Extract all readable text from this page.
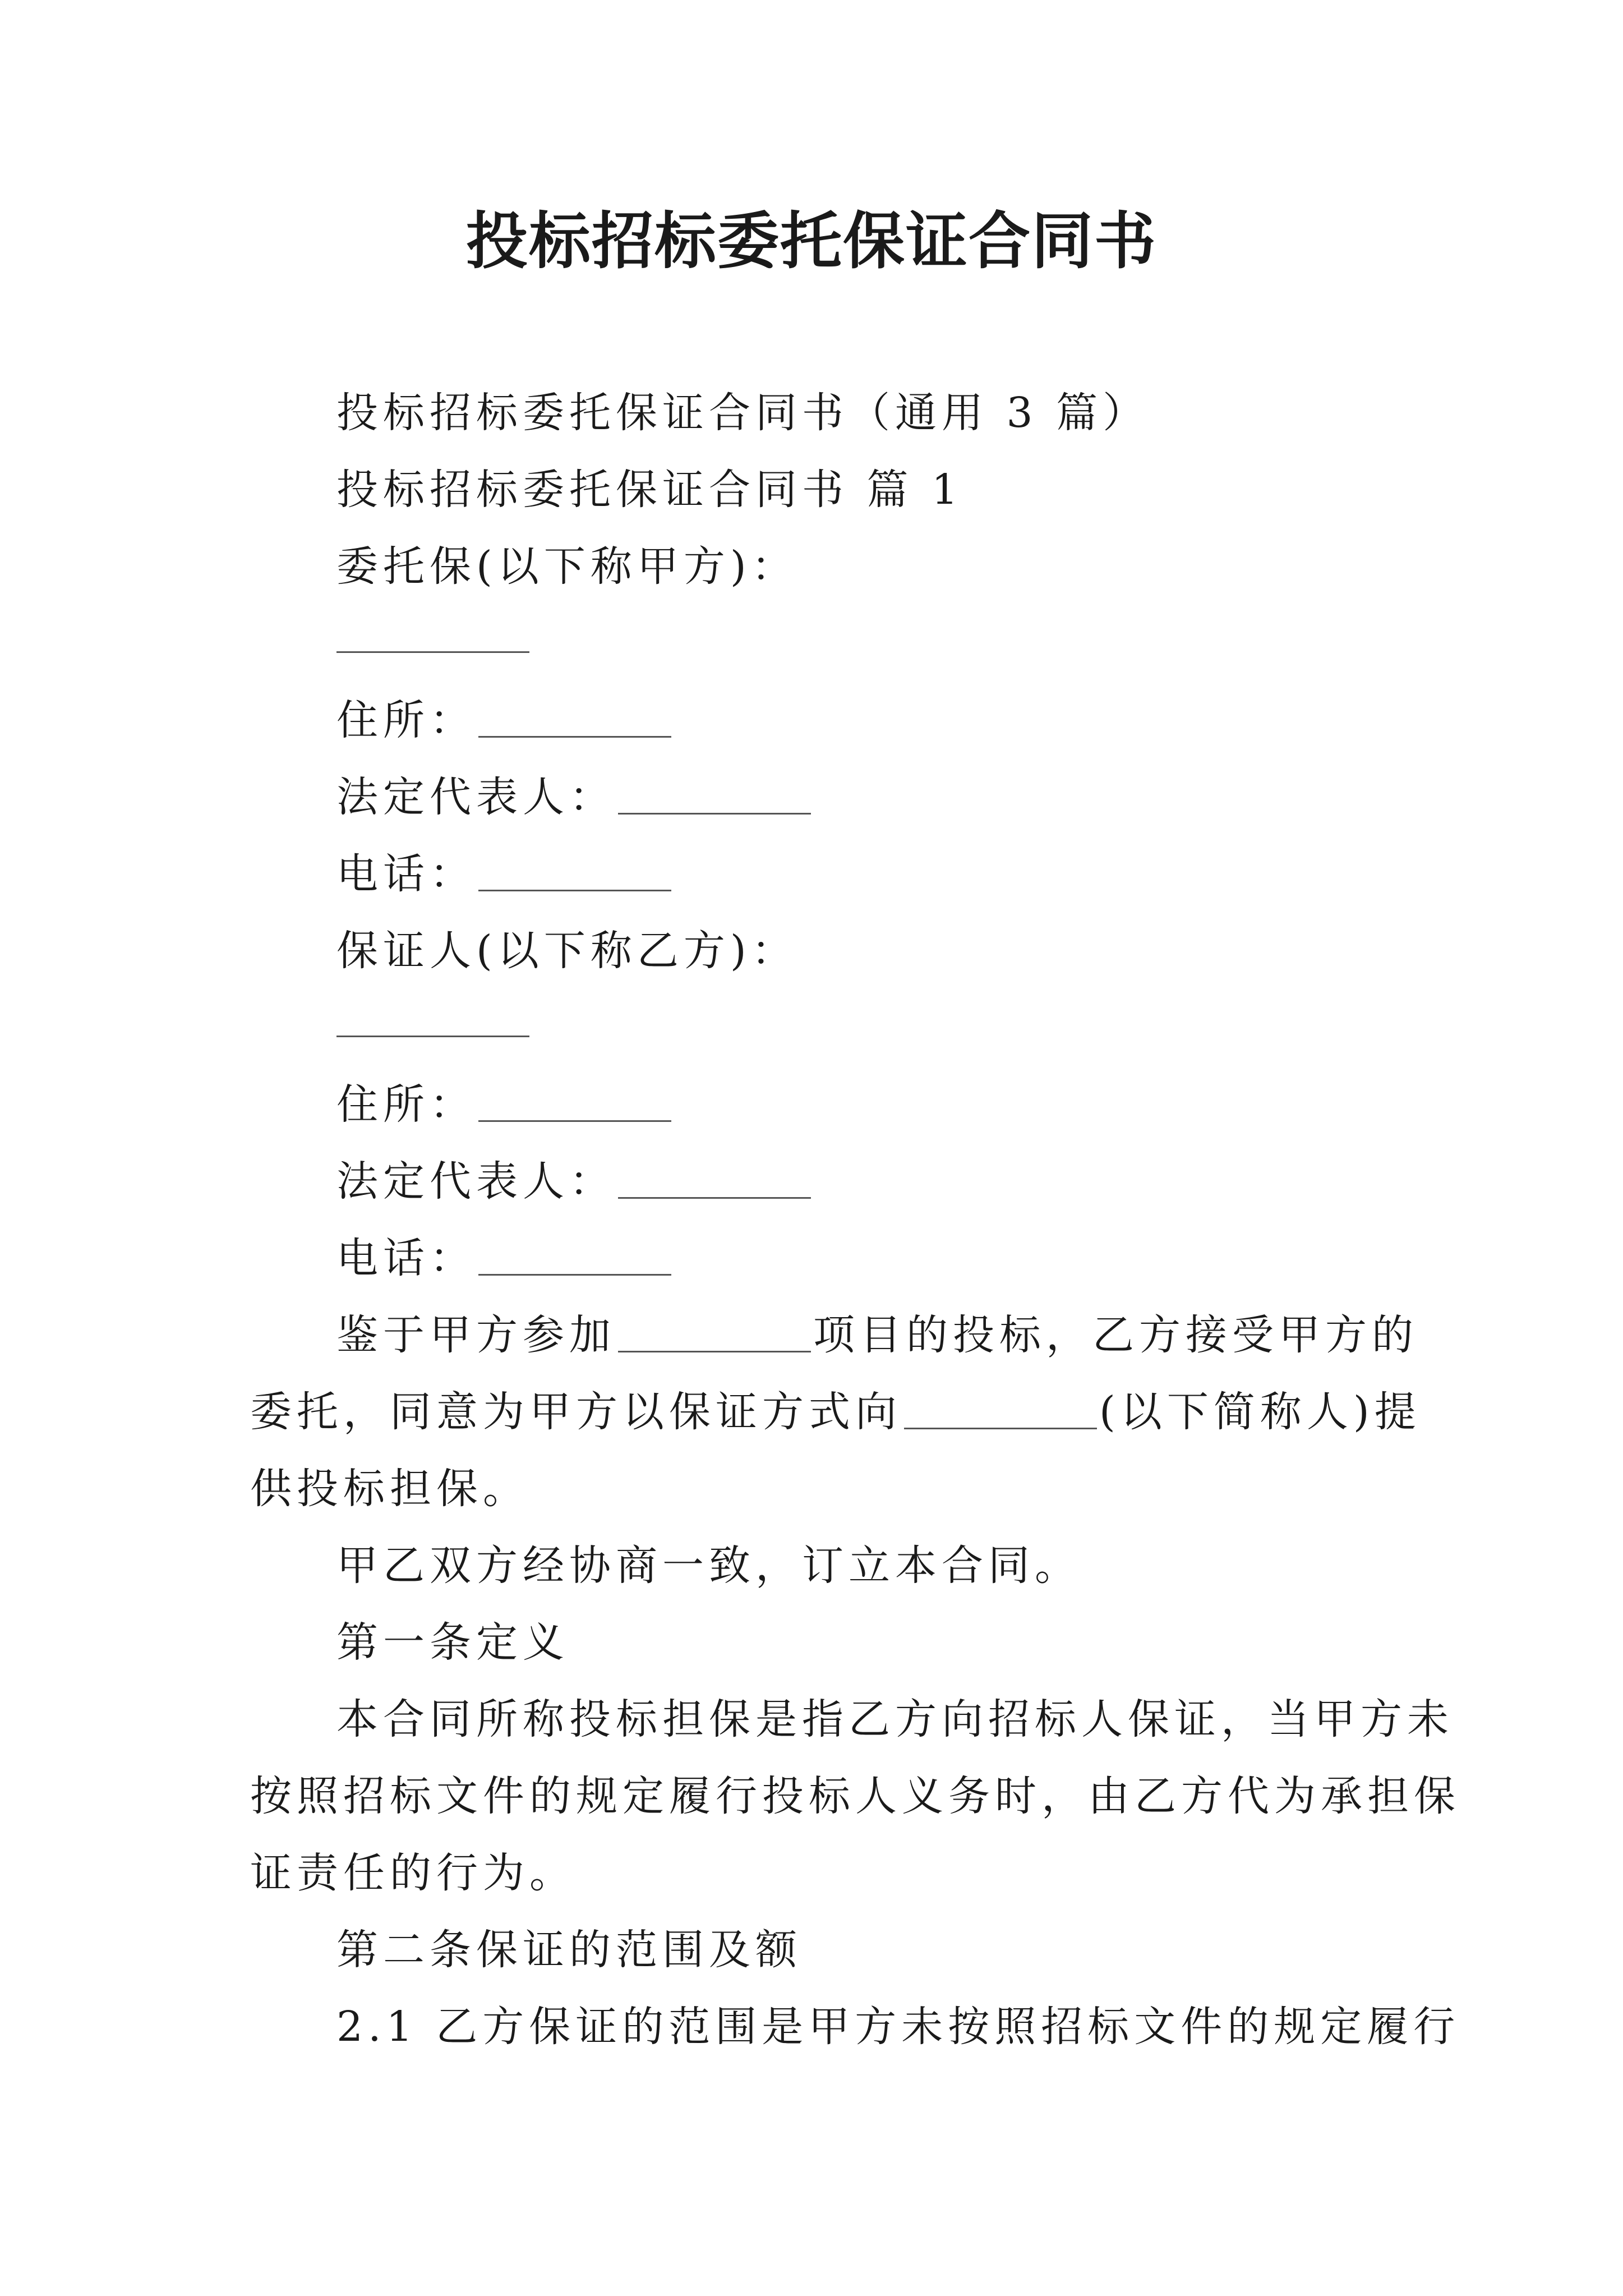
投标招标委托保证合同书
投标招标委托保证合同书（通用 3 篇）
投标招标委托保证合同书 篇 1
委托保(以下称甲方)：
住所：
法定代表人：
电话：
保证人(以下称乙方)：
住所：
法定代表人：
电话：
鉴于甲方参加	项目的投标，乙方接受甲方的
委托，同意为甲方以保证方式向	(以下简称人)提
供投标担保。
甲乙双方经协商一致，订立本合同。
第一条定义
本合同所称投标担保是指乙方向招标人保证，当甲方未
按照招标文件的规定履行投标人义务时，由乙方代为承担保
证责任的行为。
第二条保证的范围及额
2.1 乙方保证的范围是甲方未按照招标文件的规定履行
